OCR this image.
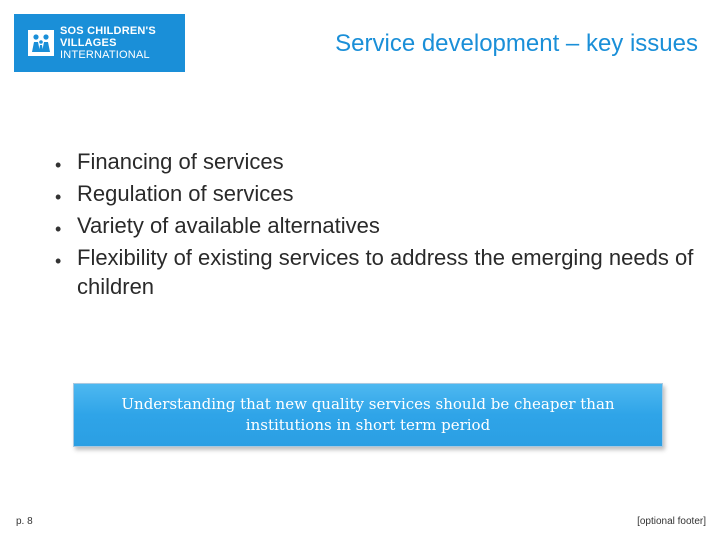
SOS CHILDREN'S
VILLAGES
INTERNATIONAL	Service development – key issues
• Financing of services
• Regulation of services
• Variety of available alternatives
• Flexibility of existing services to address the emerging needs of children
Understanding that new quality services should be cheaper than institutions in short term period
p. 8	[optional footer]
